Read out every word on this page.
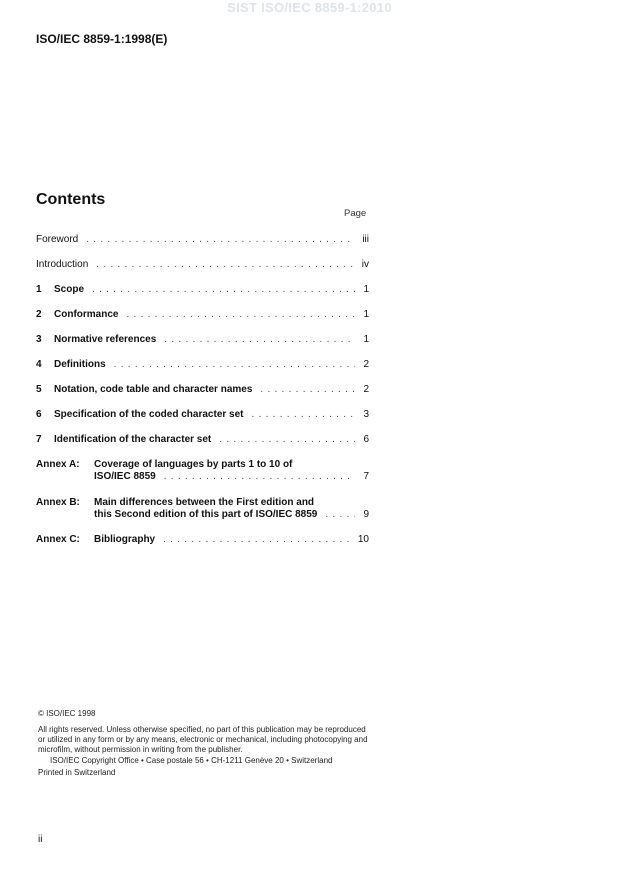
SIST ISO/IEC 8859-1:2010
ISO/IEC 8859-1:1998(E)
Contents
Page
Foreword . . .	iii
Introduction . . .	iv
1	Scope . . .	1
2	Conformance . . .	1
3	Normative references . . .	1
4	Definitions . . .	2
5	Notation, code table and character names . . .	2
6	Specification of the coded character set . . .	3
7	Identification of the character set . . .	6
Annex A:	Coverage of languages by parts 1 to 10 of
ISO/IEC 8859 . . .	7
Annex B:	Main differences between the First edition and
this Second edition of this part of ISO/IEC 8859 . . .	9
Annex C:	Bibliography . . .	10

© ISO/IEC 1998

All rights reserved. Unless otherwise specified, no part of this publication may be reproduced

or utilized in any form or by any means, electronic or mechanical, including photocopying and

microfilm, without permission in writing from the publisher.

ISO/IEC Copyright Office • Case postale 56 • CH-1211 Genève 20 • Switzerland

Printed in Switzerland

ii
